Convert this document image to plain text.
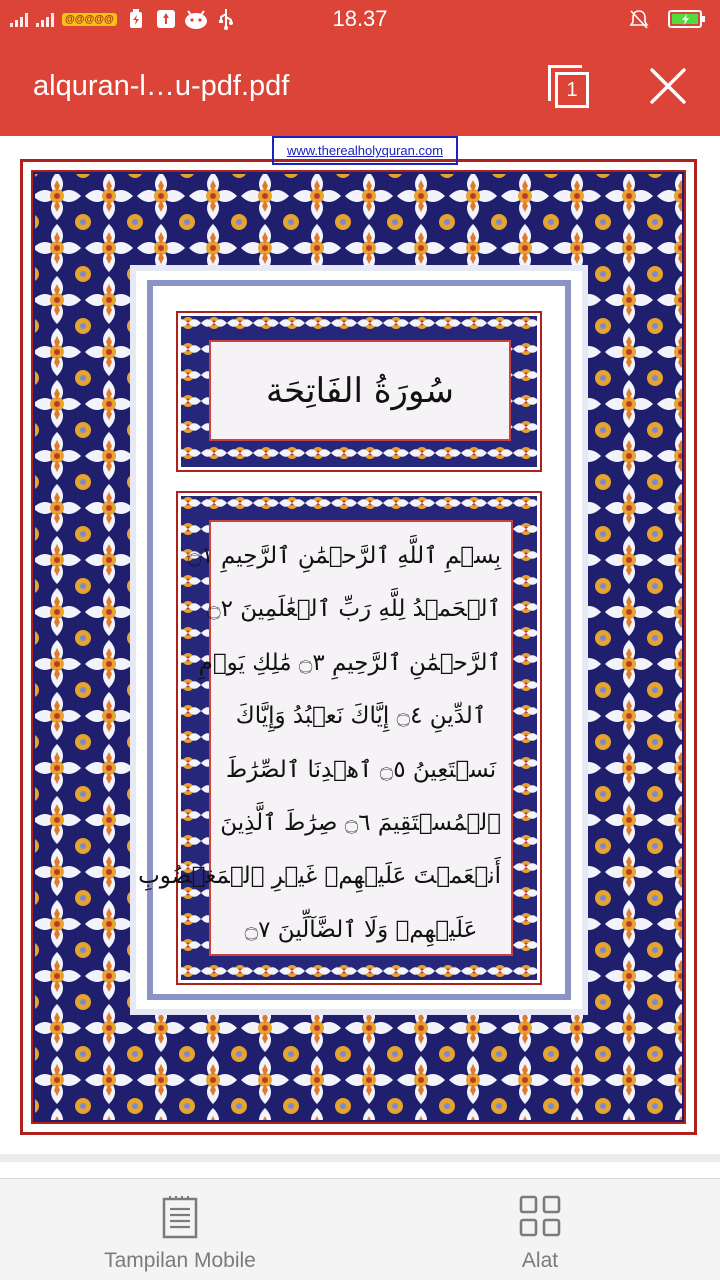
@@@@@	18.37
alquran-l…u-pdf.pdf	1
سُورَةُ الفَاتِحَة
بِسۡمِ ٱللَّهِ ٱلرَّحۡمَٰنِ ٱلرَّحِيمِ ۝١
ٱلۡحَمۡدُ لِلَّهِ رَبِّ ٱلۡعَٰلَمِينَ ۝٢
ٱلرَّحۡمَٰنِ ٱلرَّحِيمِ ۝٣ مَٰلِكِ يَوۡمِ
ٱلدِّينِ ۝٤ إِيَّاكَ نَعۡبُدُ وَإِيَّاكَ
نَسۡتَعِينُ ۝٥ ٱهۡدِنَا ٱلصِّرَٰطَ
ٱلۡمُسۡتَقِيمَ ۝٦ صِرَٰطَ ٱلَّذِينَ
أَنۡعَمۡتَ عَلَيۡهِمۡ غَيۡرِ ٱلۡمَغۡضُوبِ
عَلَيۡهِمۡ وَلَا ٱلضَّآلِّينَ ۝٧
www.therealholyquran.com
Tampilan Mobile	Alat
